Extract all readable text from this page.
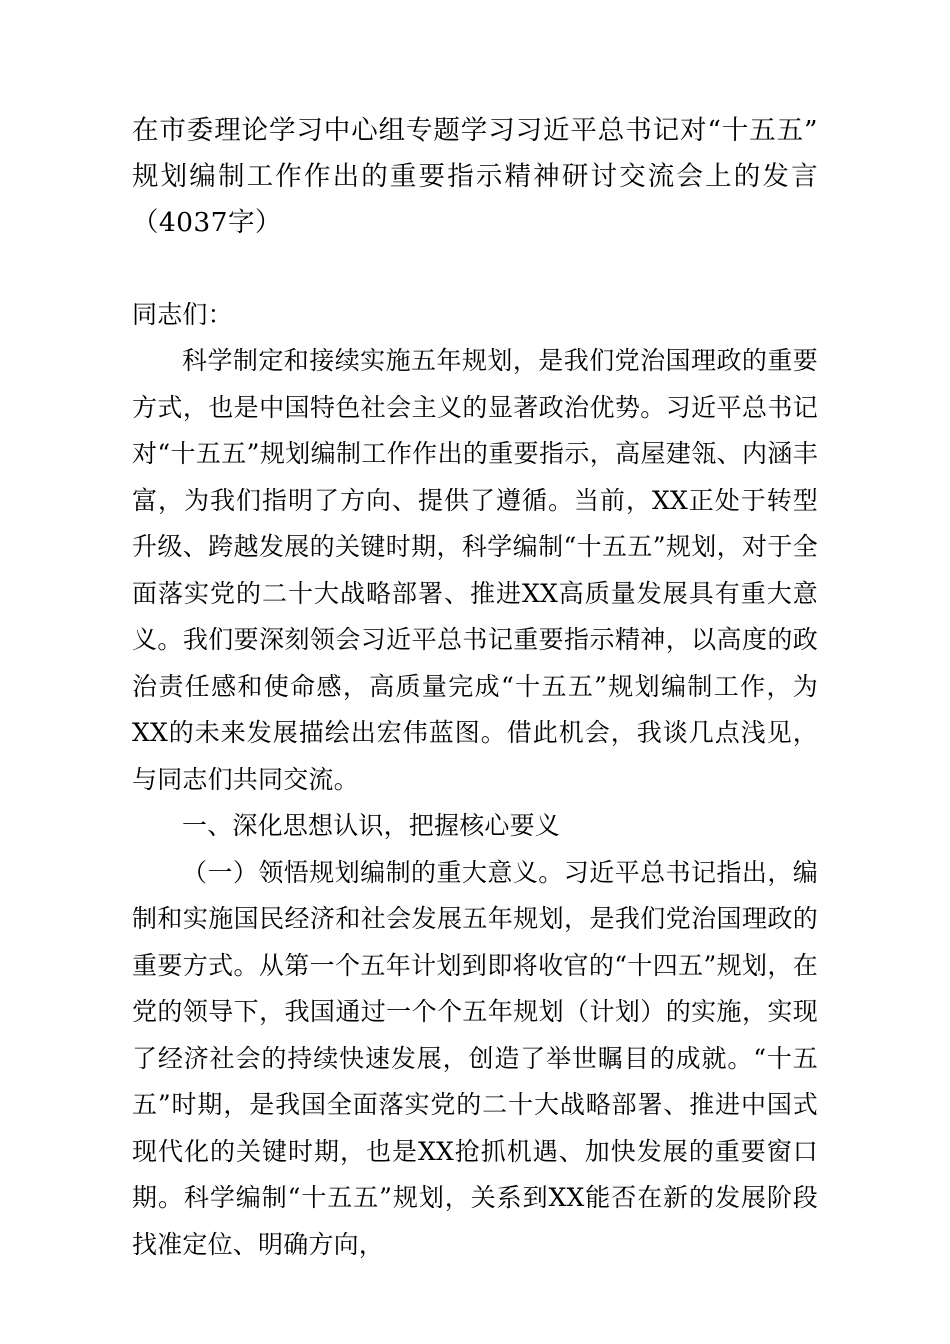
在市委理论学习中心组专题学习习近平总书记对“十五五”规划编制工作作出的重要指示精神研讨交流会上的发言（4037字）
同志们：

科学制定和接续实施五年规划，是我们党治国理政的重要方式，也是中国特色社会主义的显著政治优势。习近平总书记对“十五五”规划编制工作作出的重要指示，高屋建瓴、内涵丰富，为我们指明了方向、提供了遵循。当前，XX正处于转型升级、跨越发展的关键时期，科学编制“十五五”规划，对于全面落实党的二十大战略部署、推进XX高质量发展具有重大意义。我们要深刻领会习近平总书记重要指示精神，以高度的政治责任感和使命感，高质量完成“十五五”规划编制工作，为XX的未来发展描绘出宏伟蓝图。借此机会，我谈几点浅见，与同志们共同交流。

一、深化思想认识，把握核心要义

（一）领悟规划编制的重大意义。习近平总书记指出，编制和实施国民经济和社会发展五年规划，是我们党治国理政的重要方式。从第一个五年计划到即将收官的“十四五”规划，在党的领导下，我国通过一个个五年规划（计划）的实施，实现了经济社会的持续快速发展，创造了举世瞩目的成就。“十五五”时期，是我国全面落实党的二十大战略部署、推进中国式现代化的关键时期，也是XX抢抓机遇、加快发展的重要窗口期。科学编制“十五五”规划，关系到XX能否在新的发展阶段找准定位、明确方向，
